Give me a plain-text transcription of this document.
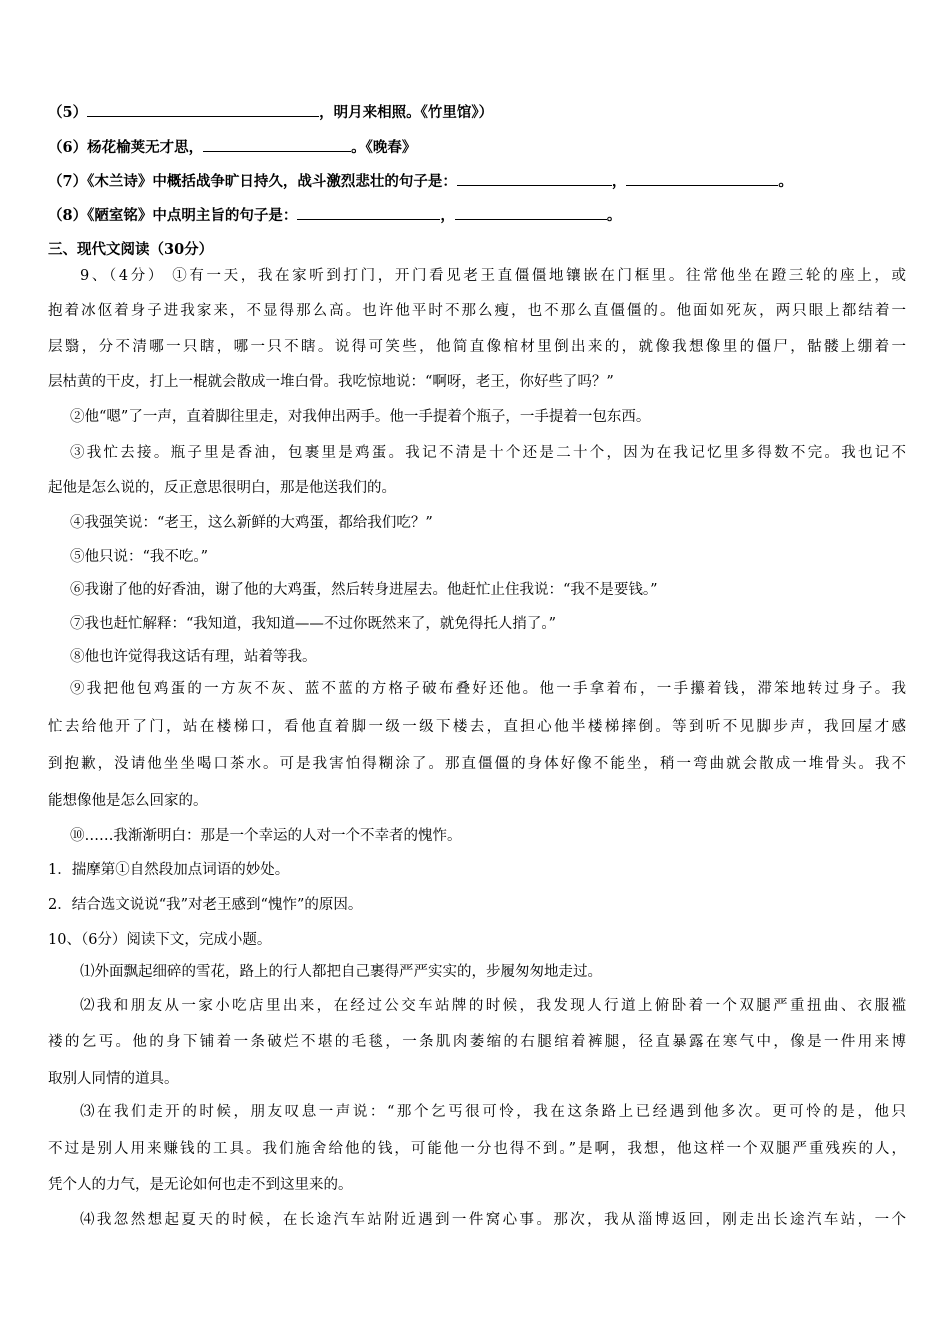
（5）	，明月来相照。《竹里馆》）
（6）杨花榆荚无才思，	。《晚春》
（7）《木兰诗》中概括战争旷日持久，战斗激烈悲壮的句子是：	，	。
（8）《陋室铭》中点明主旨的句子是：	，	。
三、现代文阅读（30分）
9、（4分） ①有一天，我在家听到打门，开门看见老王直僵僵地镶嵌在门框里。往常他坐在蹬三轮的座上，或
抱着冰伛着身子进我家来，不显得那么高。也许他平时不那么瘦，也不那么直僵僵的。他面如死灰，两只眼上都结着一
层翳，分不清哪一只瞎，哪一只不瞎。说得可笑些，他简直像棺材里倒出来的，就像我想像里的僵尸，骷髅上绷着一
层枯黄的干皮，打上一棍就会散成一堆白骨。我吃惊地说：“啊呀，老王，你好些了吗？”
②他“嗯”了一声，直着脚往里走，对我伸出两手。他一手提着个瓶子，一手提着一包东西。
③我忙去接。瓶子里是香油，包裹里是鸡蛋。我记不清是十个还是二十个，因为在我记忆里多得数不完。我也记不
起他是怎么说的，反正意思很明白，那是他送我们的。
④我强笑说：“老王，这么新鲜的大鸡蛋，都给我们吃？”
⑤他只说：“我不吃。”
⑥我谢了他的好香油，谢了他的大鸡蛋，然后转身进屋去。他赶忙止住我说：“我不是要钱。”
⑦我也赶忙解释：“我知道，我知道——不过你既然来了，就免得托人捎了。”
⑧他也许觉得我这话有理，站着等我。
⑨我把他包鸡蛋的一方灰不灰、蓝不蓝的方格子破布叠好还他。他一手拿着布，一手攥着钱，滞笨地转过身子。我
忙去给他开了门，站在楼梯口，看他直着脚一级一级下楼去，直担心他半楼梯摔倒。等到听不见脚步声，我回屋才感
到抱歉，没请他坐坐喝口茶水。可是我害怕得糊涂了。那直僵僵的身体好像不能坐，稍一弯曲就会散成一堆骨头。我不
能想像他是怎么回家的。
⑩……我渐渐明白：那是一个幸运的人对一个不幸者的愧怍。
1．揣摩第①自然段加点词语的妙处。
2．结合选文说说“我”对老王感到“愧怍”的原因。
10、（6分）阅读下文，完成小题。
⑴外面飘起细碎的雪花，路上的行人都把自己裹得严严实实的，步履匆匆地走过。
⑵我和朋友从一家小吃店里出来，在经过公交车站牌的时候，我发现人行道上俯卧着一个双腿严重扭曲、衣服褴
褛的乞丐。他的身下铺着一条破烂不堪的毛毯，一条肌肉萎缩的右腿绾着裤腿，径直暴露在寒气中，像是一件用来博
取别人同情的道具。
⑶在我们走开的时候，朋友叹息一声说：“那个乞丐很可怜，我在这条路上已经遇到他多次。更可怜的是，他只
不过是别人用来赚钱的工具。我们施舍给他的钱，可能他一分也得不到。”是啊，我想，他这样一个双腿严重残疾的人，
凭个人的力气，是无论如何也走不到这里来的。
⑷我忽然想起夏天的时候，在长途汽车站附近遇到一件窝心事。那次，我从淄博返回，刚走出长途汽车站，一个
